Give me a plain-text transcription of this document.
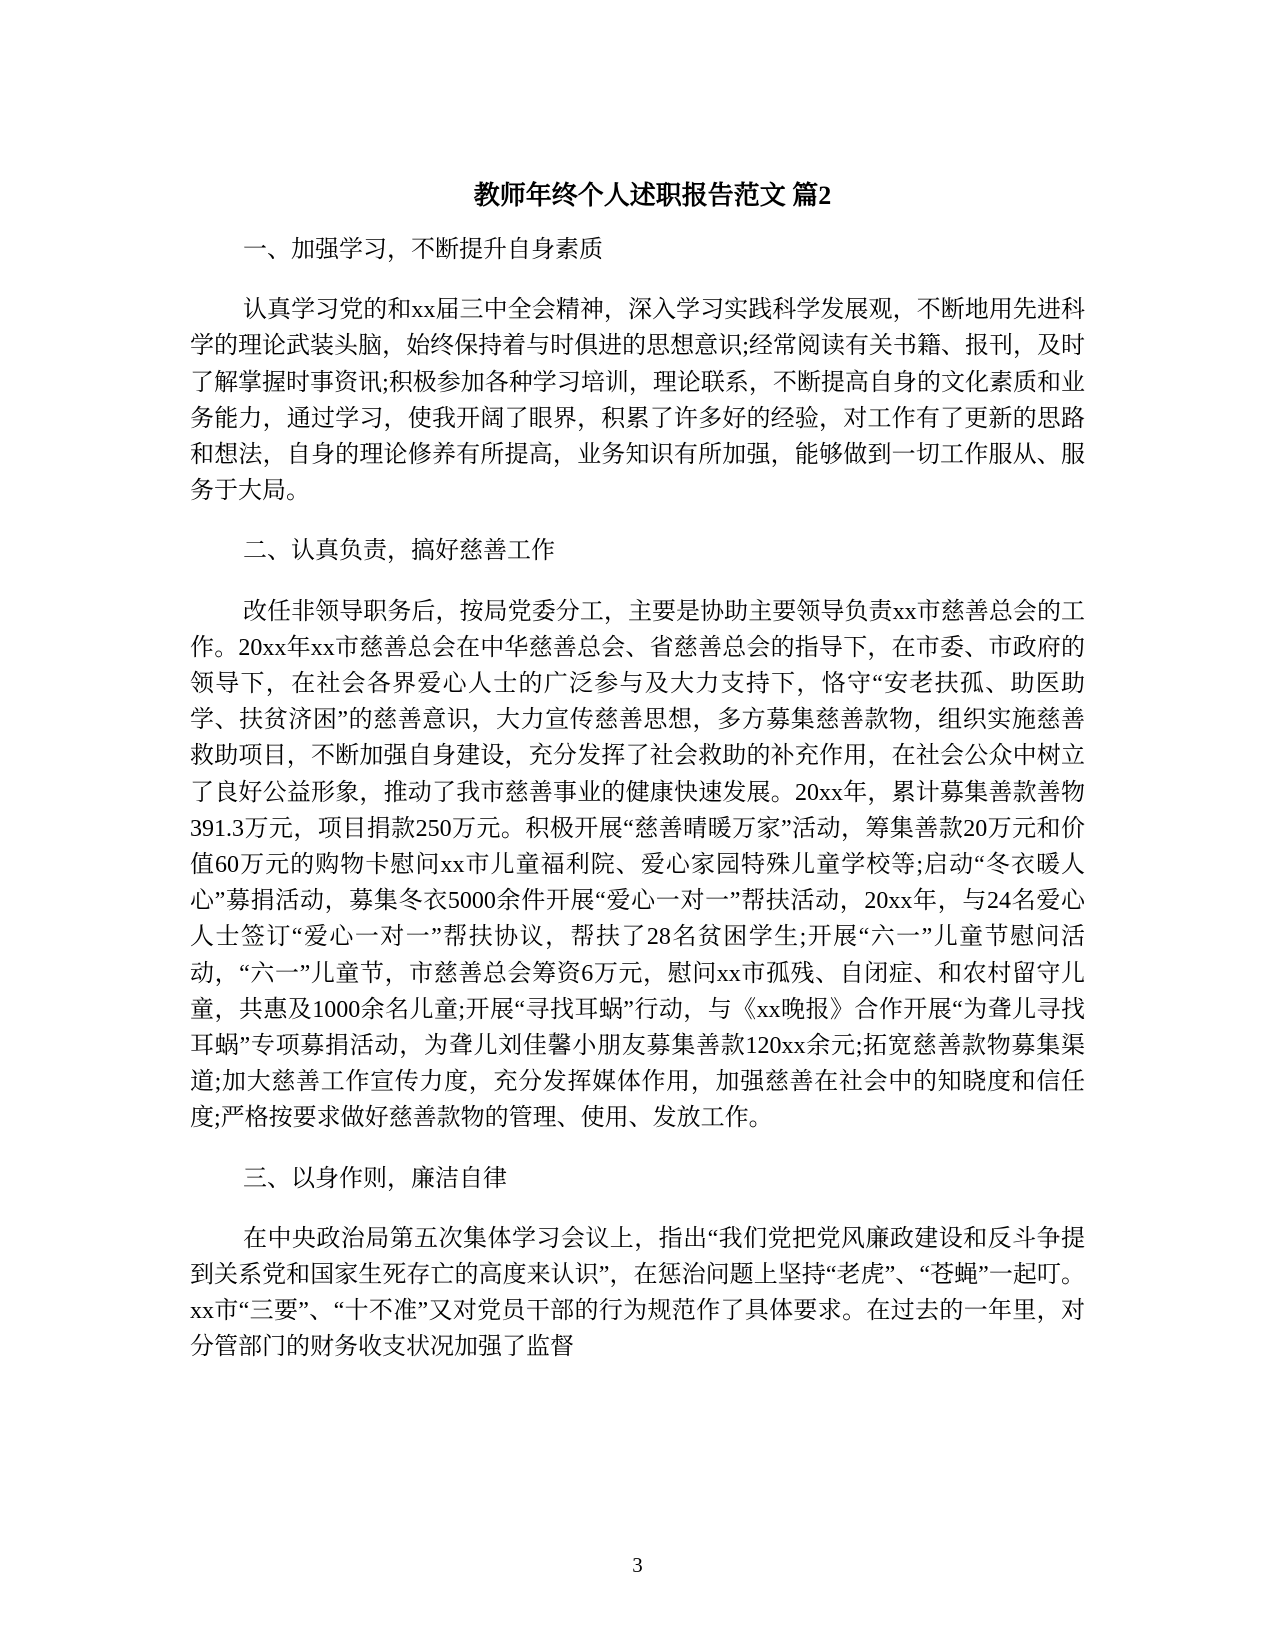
教师年终个人述职报告范文 篇2

一、加强学习，不断提升自身素质

认真学习党的和xx届三中全会精神，深入学习实践科学发展观，不断地用先进科学的理论武装头脑，始终保持着与时俱进的思想意识;经常阅读有关书籍、报刊，及时了解掌握时事资讯;积极参加各种学习培训，理论联系，不断提高自身的文化素质和业务能力，通过学习，使我开阔了眼界，积累了许多好的经验，对工作有了更新的思路和想法，自身的理论修养有所提高，业务知识有所加强，能够做到一切工作服从、服务于大局。

二、认真负责，搞好慈善工作

改任非领导职务后，按局党委分工，主要是协助主要领导负责xx市慈善总会的工作。20xx年xx市慈善总会在中华慈善总会、省慈善总会的指导下，在市委、市政府的领导下，在社会各界爱心人士的广泛参与及大力支持下，恪守“安老扶孤、助医助学、扶贫济困”的慈善意识，大力宣传慈善思想，多方募集慈善款物，组织实施慈善救助项目，不断加强自身建设，充分发挥了社会救助的补充作用，在社会公众中树立了良好公益形象，推动了我市慈善事业的健康快速发展。20xx年，累计募集善款善物391.3万元，项目捐款250万元。积极开展“慈善晴暖万家”活动，筹集善款20万元和价值60万元的购物卡慰问xx市儿童福利院、爱心家园特殊儿童学校等;启动“冬衣暖人心”募捐活动，募集冬衣5000余件开展“爱心一对一”帮扶活动，20xx年，与24名爱心人士签订“爱心一对一”帮扶协议，帮扶了28名贫困学生;开展“六一”儿童节慰问活动，“六一”儿童节，市慈善总会筹资6万元，慰问xx市孤残、自闭症、和农村留守儿童，共惠及1000余名儿童;开展“寻找耳蜗”行动，与《xx晚报》合作开展“为聋儿寻找耳蜗”专项募捐活动，为聋儿刘佳馨小朋友募集善款120xx余元;拓宽慈善款物募集渠道;加大慈善工作宣传力度，充分发挥媒体作用，加强慈善在社会中的知晓度和信任度;严格按要求做好慈善款物的管理、使用、发放工作。

三、以身作则，廉洁自律

在中央政治局第五次集体学习会议上，指出“我们党把党风廉政建设和反斗争提到关系党和国家生死存亡的高度来认识”，在惩治问题上坚持“老虎”、“苍蝇”一起叮。xx市“三要”、“十不准”又对党员干部的行为规范作了具体要求。在过去的一年里，对分管部门的财务收支状况加强了监督

3
